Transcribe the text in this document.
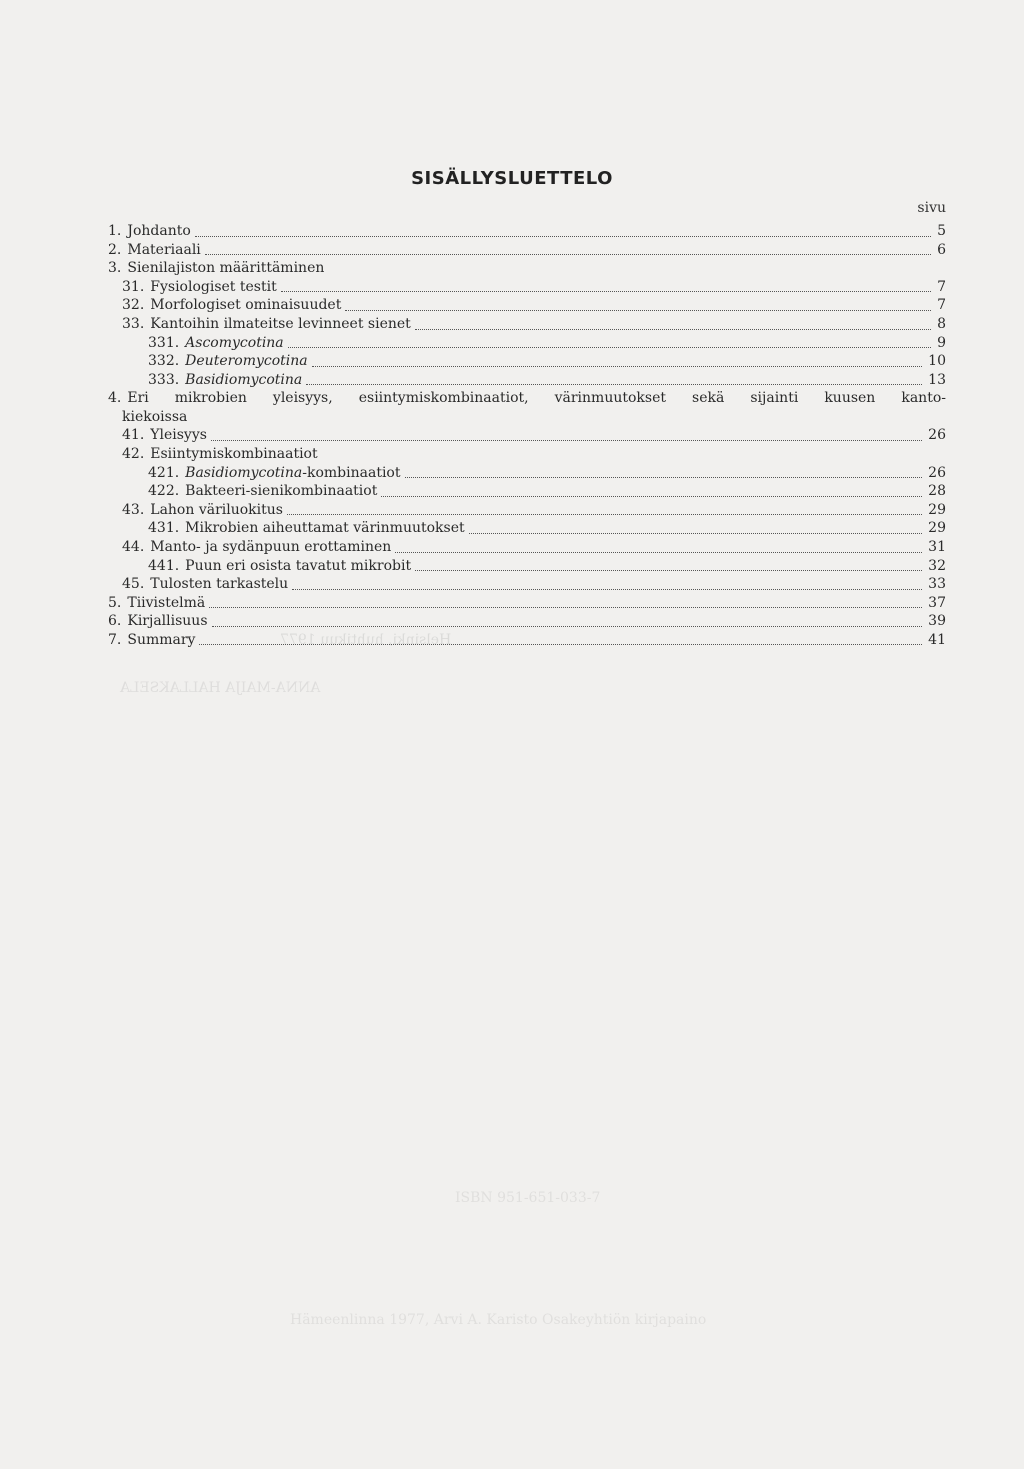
ANNA-MAIJA HALLAKSELA
Helsinki, huhtikuu 1977
ISBN 951-651-033-7
Hämeenlinna 1977, Arvi A. Karisto Osakeyhtiön kirjapaino
SISÄLLYSLUETTELO
sivu
1. Johdanto	5
2. Materiaali	6
3. Sienilajiston määrittäminen
31. Fysiologiset testit	7
32. Morfologiset ominaisuudet	7
33. Kantoihin ilmateitse levinneet sienet	8
331. Ascomycotina	9
332. Deuteromycotina	10
333. Basidiomycotina	13
4. Eri mikrobien yleisyys, esiintymiskombinaatiot, värinmuutokset sekä sijainti kuusen kanto-
kiekoissa
41. Yleisyys	26
42. Esiintymiskombinaatiot
421. Basidiomycotina-kombinaatiot	26
422. Bakteeri-sienikombinaatiot	28
43. Lahon väriluokitus	29
431. Mikrobien aiheuttamat värinmuutokset	29
44. Manto- ja sydänpuun erottaminen	31
441. Puun eri osista tavatut mikrobit	32
45. Tulosten tarkastelu	33
5. Tiivistelmä	37
6. Kirjallisuus	39
7. Summary	41
